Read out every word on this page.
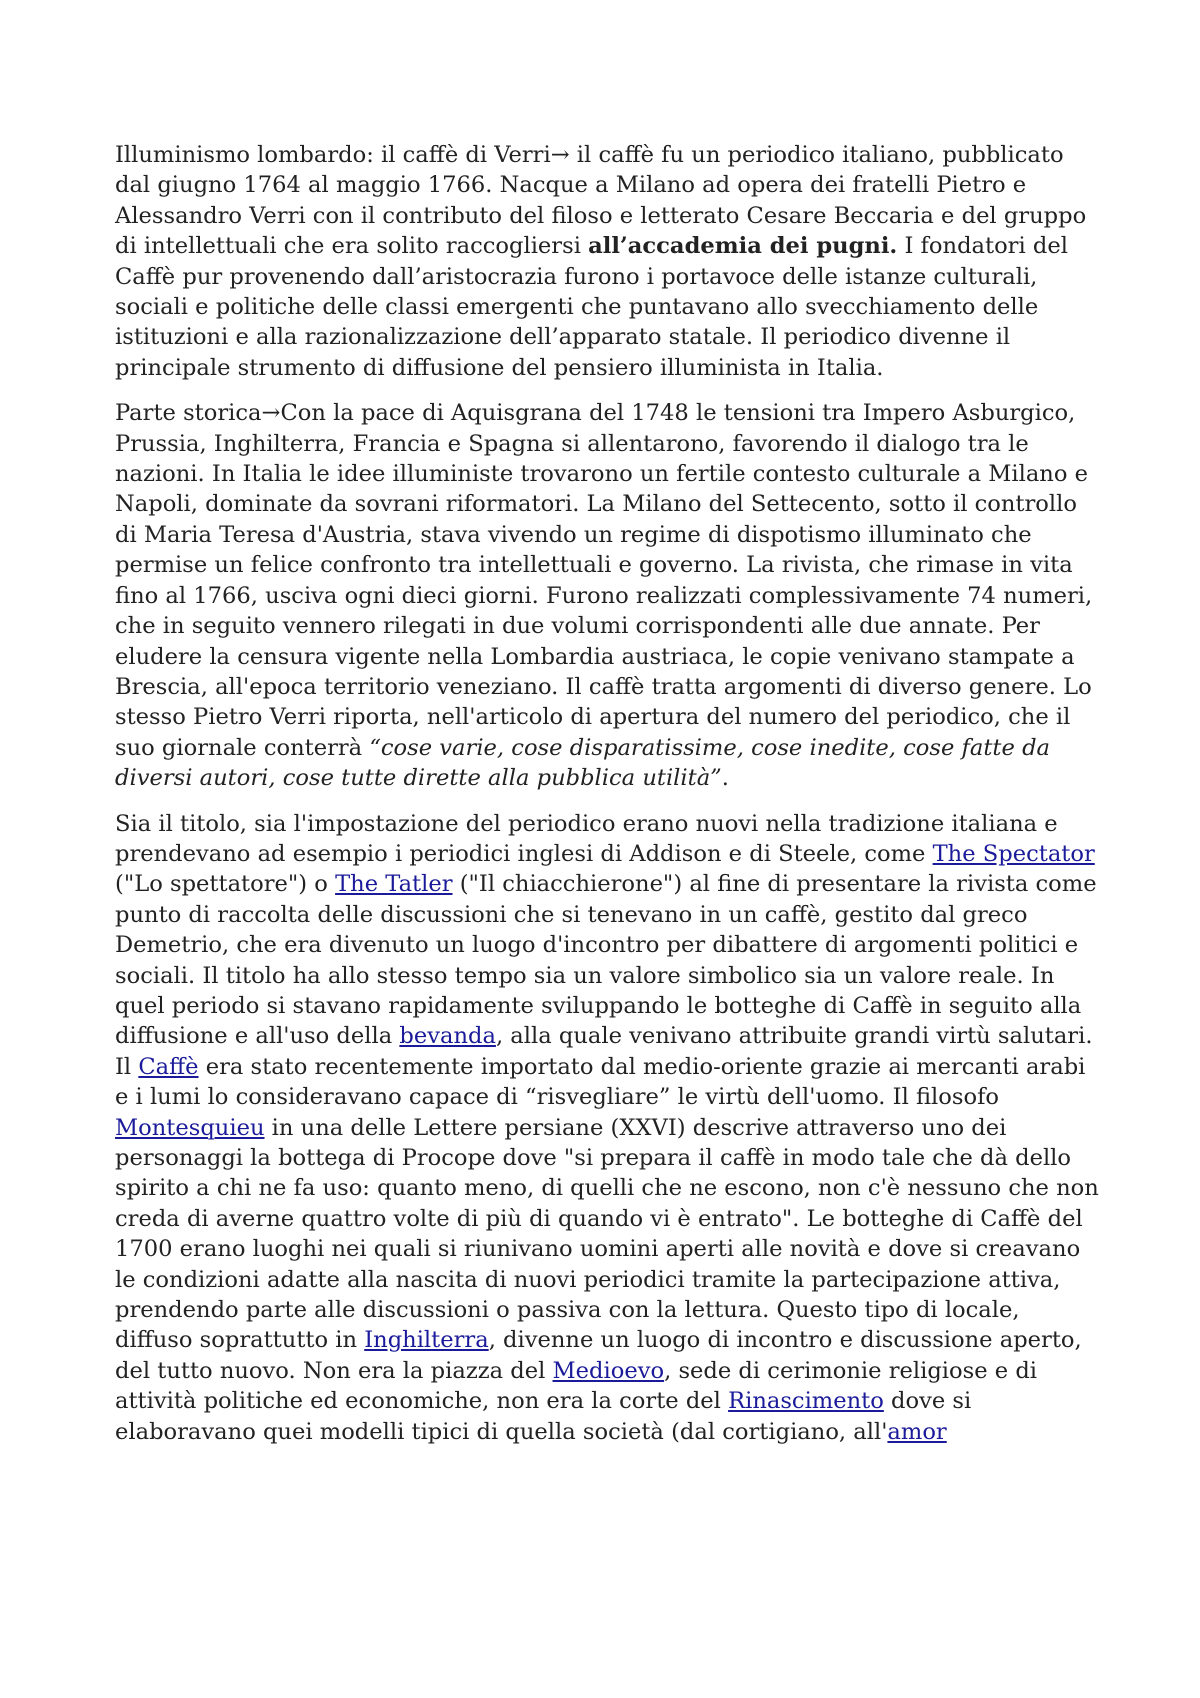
Illuminismo lombardo: il caffè di Verri→ il caffè fu un periodico italiano, pubblicato dal giugno 1764 al maggio 1766. Nacque a Milano ad opera dei fratelli Pietro e Alessandro Verri con il contributo del filoso e letterato Cesare Beccaria e del gruppo di intellettuali che era solito raccogliersi all’accademia dei pugni. I fondatori del Caffè pur provenendo dall’aristocrazia furono i portavoce delle istanze culturali, sociali e politiche delle classi emergenti che puntavano allo svecchiamento delle istituzioni e alla razionalizzazione dell’apparato statale. Il periodico divenne il principale strumento di diffusione del pensiero illuminista in Italia.

Parte storica→Con la pace di Aquisgrana del 1748 le tensioni tra Impero Asburgico, Prussia, Inghilterra, Francia e Spagna si allentarono, favorendo il dialogo tra le nazioni. In Italia le idee illuministe trovarono un fertile contesto culturale a Milano e Napoli, dominate da sovrani riformatori. La Milano del Settecento, sotto il controllo di Maria Teresa d'Austria, stava vivendo un regime di dispotismo illuminato che permise un felice confronto tra intellettuali e governo. La rivista, che rimase in vita fino al 1766, usciva ogni dieci giorni. Furono realizzati complessivamente 74 numeri, che in seguito vennero rilegati in due volumi corrispondenti alle due annate. Per eludere la censura vigente nella Lombardia austriaca, le copie venivano stampate a Brescia, all'epoca territorio veneziano. Il caffè tratta argomenti di diverso genere. Lo stesso Pietro Verri riporta, nell'articolo di apertura del numero del periodico, che il suo giornale conterrà “cose varie, cose disparatissime, cose inedite, cose fatte da diversi autori, cose tutte dirette alla pubblica utilità”.

Sia il titolo, sia l'impostazione del periodico erano nuovi nella tradizione italiana e prendevano ad esempio i periodici inglesi di Addison e di Steele, come The Spectator ("Lo spettatore") o The Tatler ("Il chiacchierone") al fine di presentare la rivista come punto di raccolta delle discussioni che si tenevano in un caffè, gestito dal greco Demetrio, che era divenuto un luogo d'incontro per dibattere di argomenti politici e sociali. Il titolo ha allo stesso tempo sia un valore simbolico sia un valore reale. In quel periodo si stavano rapidamente sviluppando le botteghe di Caffè in seguito alla diffusione e all'uso della bevanda, alla quale venivano attribuite grandi virtù salutari.
Il Caffè era stato recentemente importato dal medio-oriente grazie ai mercanti arabi e i lumi lo consideravano capace di “risvegliare” le virtù dell'uomo. Il filosofo Montesquieu in una delle Lettere persiane (XXVI) descrive attraverso uno dei personaggi la bottega di Procope dove "si prepara il caffè in modo tale che dà dello spirito a chi ne fa uso: quanto meno, di quelli che ne escono, non c'è nessuno che non creda di averne quattro volte di più di quando vi è entrato". Le botteghe di Caffè del 1700 erano luoghi nei quali si riunivano uomini aperti alle novità e dove si creavano le condizioni adatte alla nascita di nuovi periodici tramite la partecipazione attiva, prendendo parte alle discussioni o passiva con la lettura. Questo tipo di locale, diffuso soprattutto in Inghilterra, divenne un luogo di incontro e discussione aperto, del tutto nuovo. Non era la piazza del Medioevo, sede di cerimonie religiose e di attività politiche ed economiche, non era la corte del Rinascimento dove si elaboravano quei modelli tipici di quella società (dal cortigiano, all'amor
